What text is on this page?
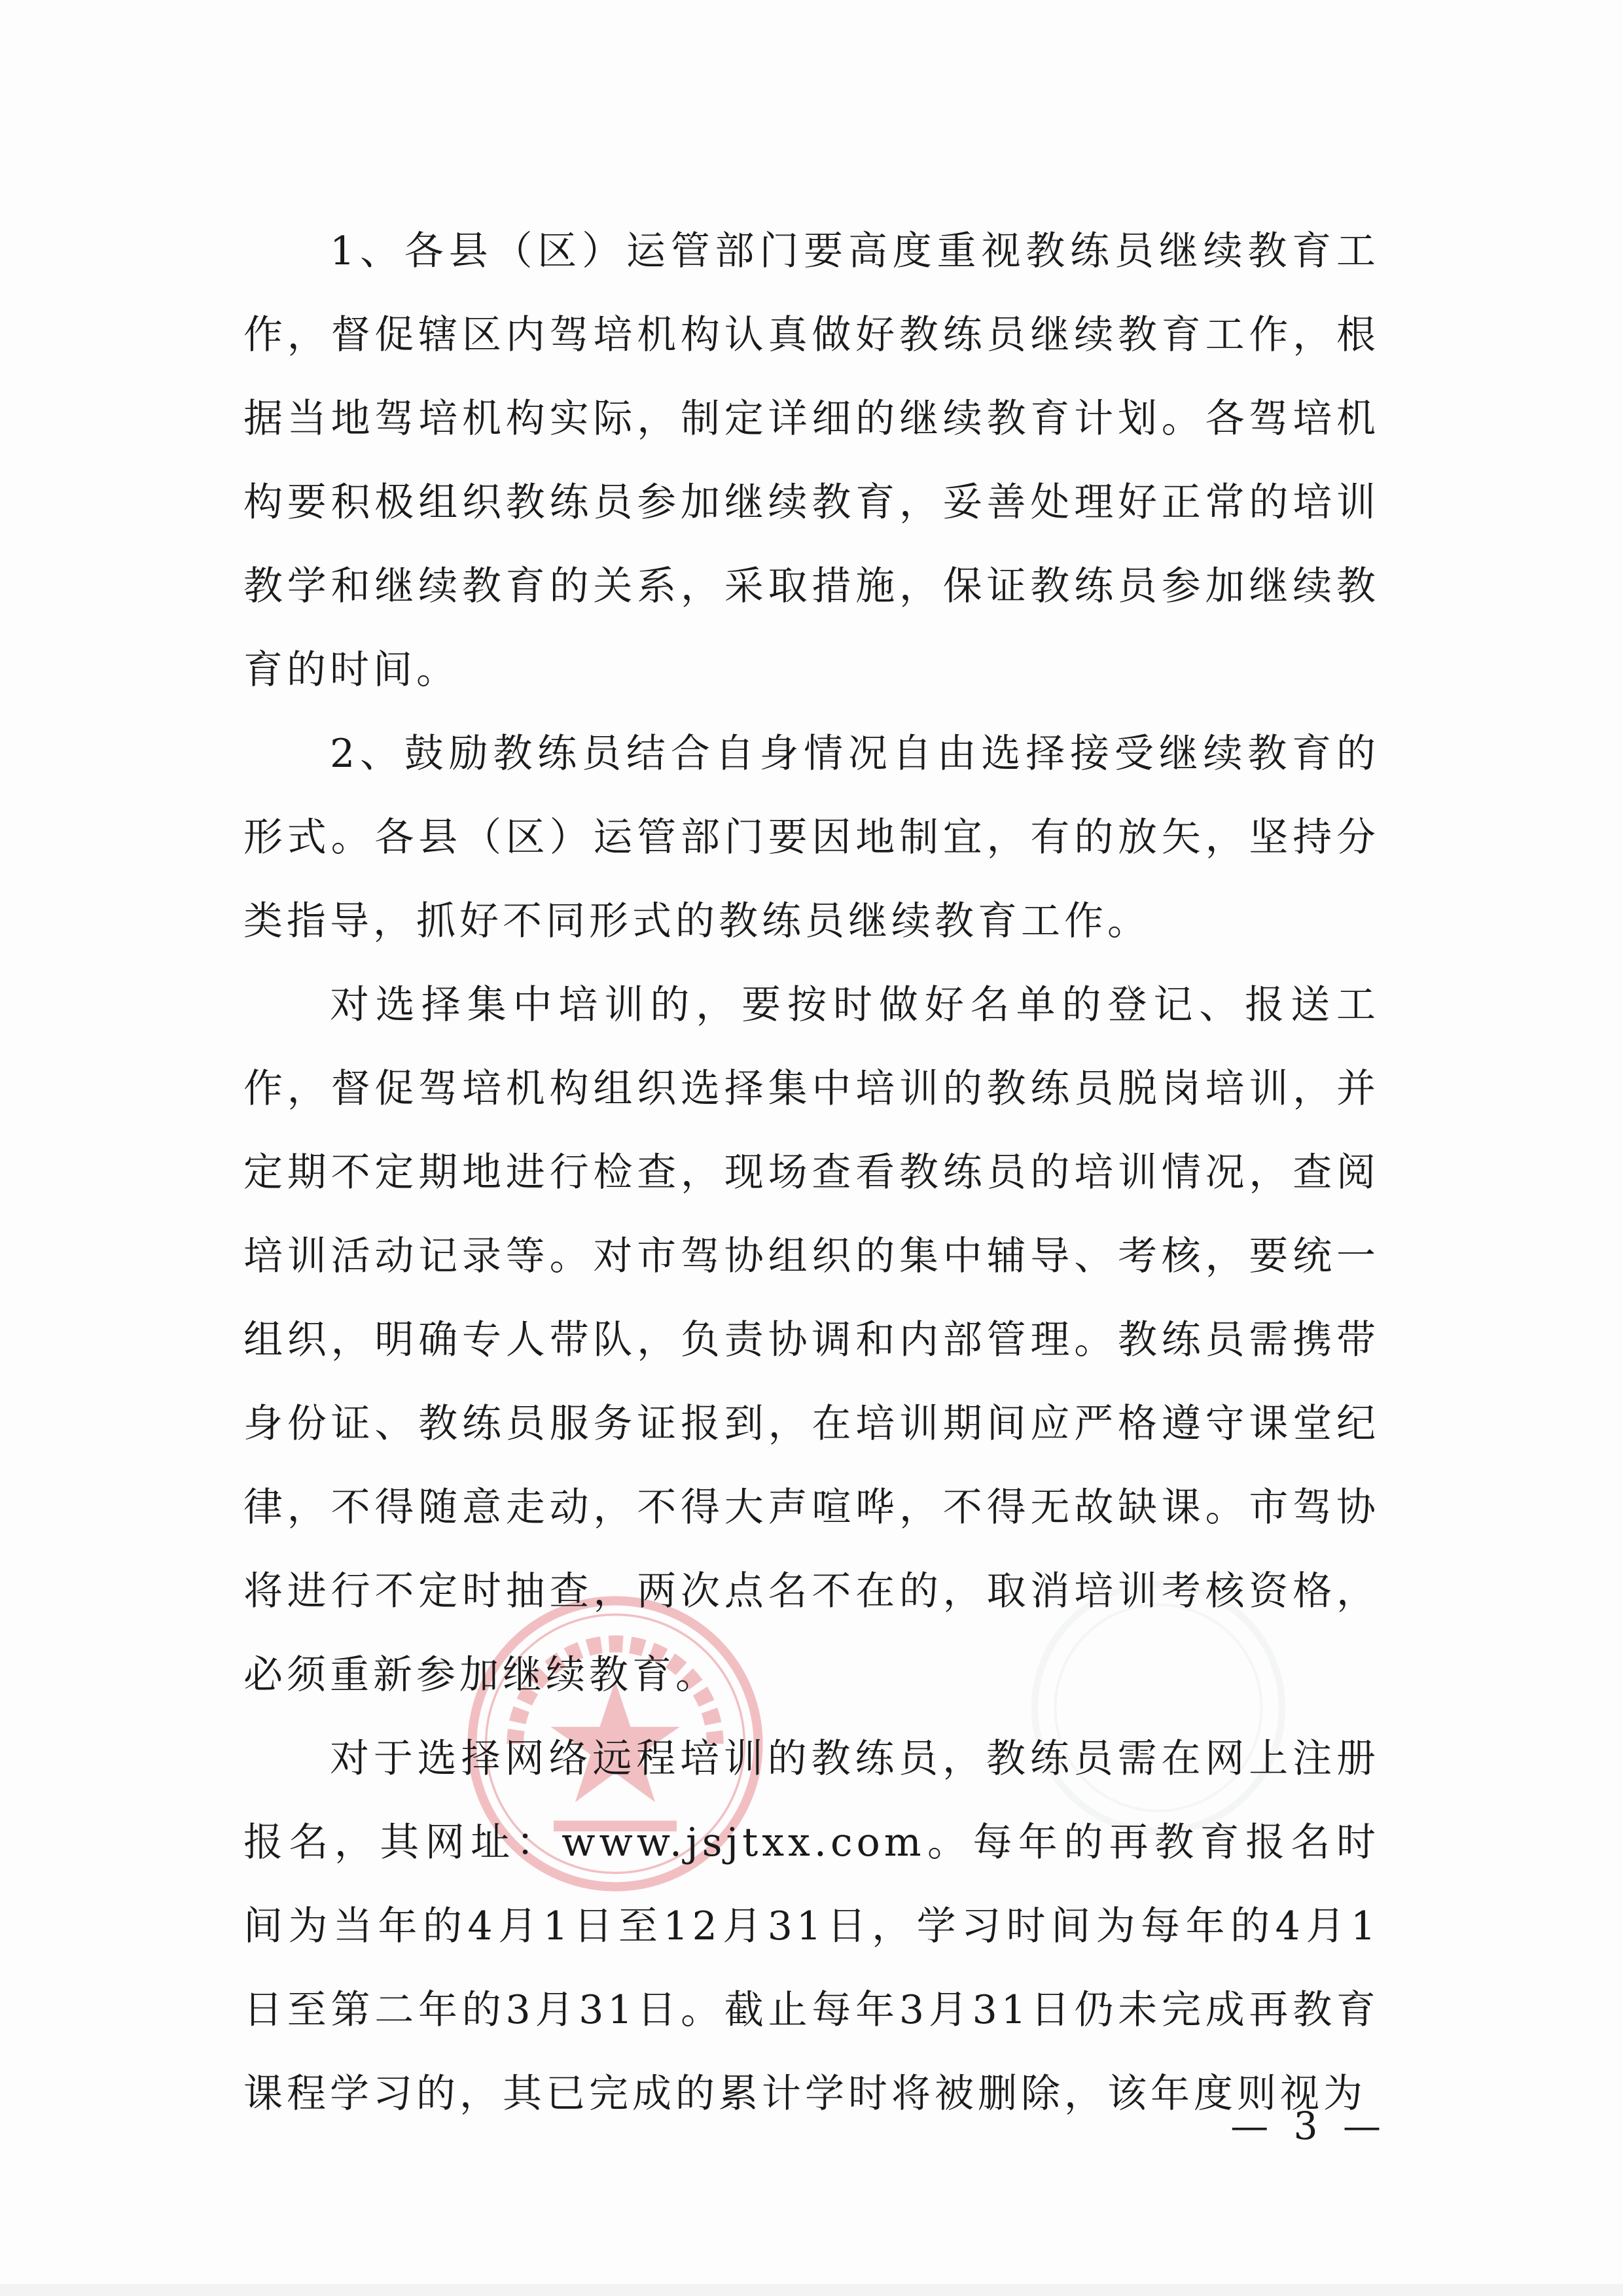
1、各县（区）运管部门要高度重视教练员继续教育工作，督促辖区内驾培机构认真做好教练员继续教育工作，根据当地驾培机构实际，制定详细的继续教育计划。各驾培机构要积极组织教练员参加继续教育，妥善处理好正常的培训教学和继续教育的关系，采取措施，保证教练员参加继续教育的时间。

2、鼓励教练员结合自身情况自由选择接受继续教育的形式。各县（区）运管部门要因地制宜，有的放矢，坚持分类指导，抓好不同形式的教练员继续教育工作。

对选择集中培训的，要按时做好名单的登记、报送工作，督促驾培机构组织选择集中培训的教练员脱岗培训，并定期不定期地进行检查，现场查看教练员的培训情况，查阅培训活动记录等。对市驾协组织的集中辅导、考核，要统一组织，明确专人带队，负责协调和内部管理。教练员需携带身份证、教练员服务证报到，在培训期间应严格遵守课堂纪律，不得随意走动，不得大声喧哗，不得无故缺课。市驾协将进行不定时抽查，两次点名不在的，取消培训考核资格，必须重新参加继续教育。

对于选择网络远程培训的教练员，教练员需在网上注册报名，其网址：www.jsjtxx.com。每年的再教育报名时间为当年的4月1日至12月31日，学习时间为每年的4月1日至第二年的3月31日。截止每年3月31日仍未完成再教育课程学习的，其已完成的累计学时将被删除，该年度则视为

— 3 —
